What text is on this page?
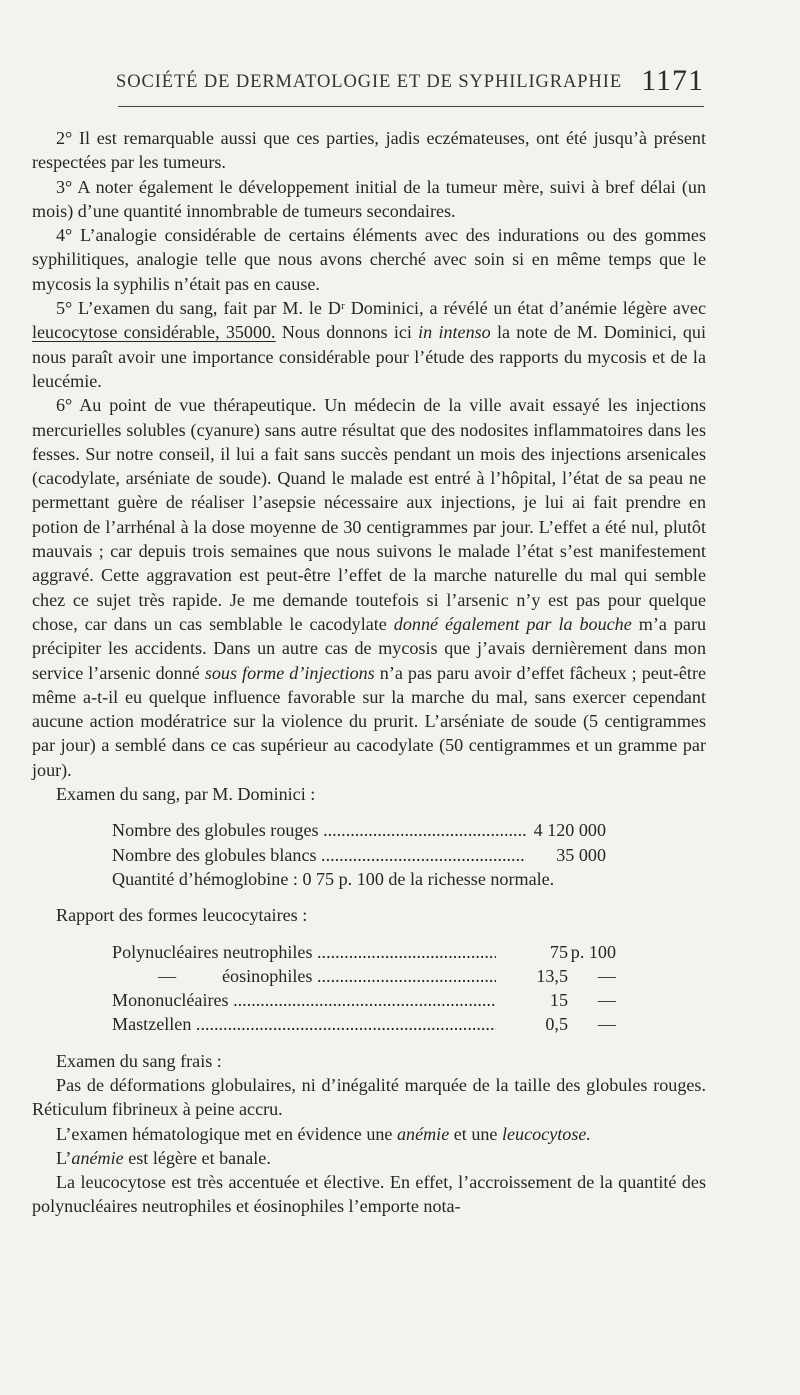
SOCIÉTÉ DE DERMATOLOGIE ET DE SYPHILIGRAPHIE 1171

2° Il est remarquable aussi que ces parties, jadis eczémateuses, ont été jusqu’à présent respectées par les tumeurs.

3° A noter également le développement initial de la tumeur mère, suivi à bref délai (un mois) d’une quantité innombrable de tumeurs secondaires.

4° L’analogie considérable de certains éléments avec des indurations ou des gommes syphilitiques, analogie telle que nous avons cherché avec soin si en même temps que le mycosis la syphilis n’était pas en cause.

5° L’examen du sang, fait par M. le Dʳ Dominici, a révélé un état d’anémie légère avec leucocytose considérable, 35000. Nous donnons ici in intenso la note de M. Dominici, qui nous paraît avoir une importance considérable pour l’étude des rapports du mycosis et de la leucémie.

6° Au point de vue thérapeutique. Un médecin de la ville avait essayé les injections mercurielles solubles (cyanure) sans autre résultat que des nodosites inflammatoires dans les fesses. Sur notre conseil, il lui a fait sans succès pendant un mois des injections arsenicales (cacodylate, arséniate de soude). Quand le malade est entré à l’hôpital, l’état de sa peau ne permettant guère de réaliser l’asepsie nécessaire aux injections, je lui ai fait prendre en potion de l’arrhénal à la dose moyenne de 30 centigrammes par jour. L’effet a été nul, plutôt mauvais ; car depuis trois semaines que nous suivons le malade l’état s’est manifestement aggravé. Cette aggravation est peut-être l’effet de la marche naturelle du mal qui semble chez ce sujet très rapide. Je me demande toutefois si l’arsenic n’y est pas pour quelque chose, car dans un cas semblable le cacodylate donné également par la bouche m’a paru précipiter les accidents. Dans un autre cas de mycosis que j’avais dernièrement dans mon service l’arsenic donné sous forme d’injections n’a pas paru avoir d’effet fâcheux ; peut-être même a-t-il eu quelque influence favorable sur la marche du mal, sans exercer cependant aucune action modératrice sur la violence du prurit. L’arséniate de soude (5 centigrammes par jour) a semblé dans ce cas supérieur au cacodylate (50 centigrammes et un gramme par jour).

Examen du sang, par M. Dominici :

Nombre des globules rouges .....	4 120 000
Nombre des globules blancs .....	35 000
Quantité d’hémoglobine : 0 75 p. 100 de la richesse normale.

Rapport des formes leucocytaires :

Polynucléaires neutrophiles .....	75 p. 100
—	éosinophiles .....	13,5	—
Mononucléaires .....	15	—
Mastzellen .....	0,5	—

Examen du sang frais :

Pas de déformations globulaires, ni d’inégalité marquée de la taille des globules rouges. Réticulum fibrineux à peine accru.

L’examen hématologique met en évidence une anémie et une leucocytose.

L’anémie est légère et banale.

La leucocytose est très accentuée et élective. En effet, l’accroissement de la quantité des polynucléaires neutrophiles et éosinophiles l’emporte nota-
